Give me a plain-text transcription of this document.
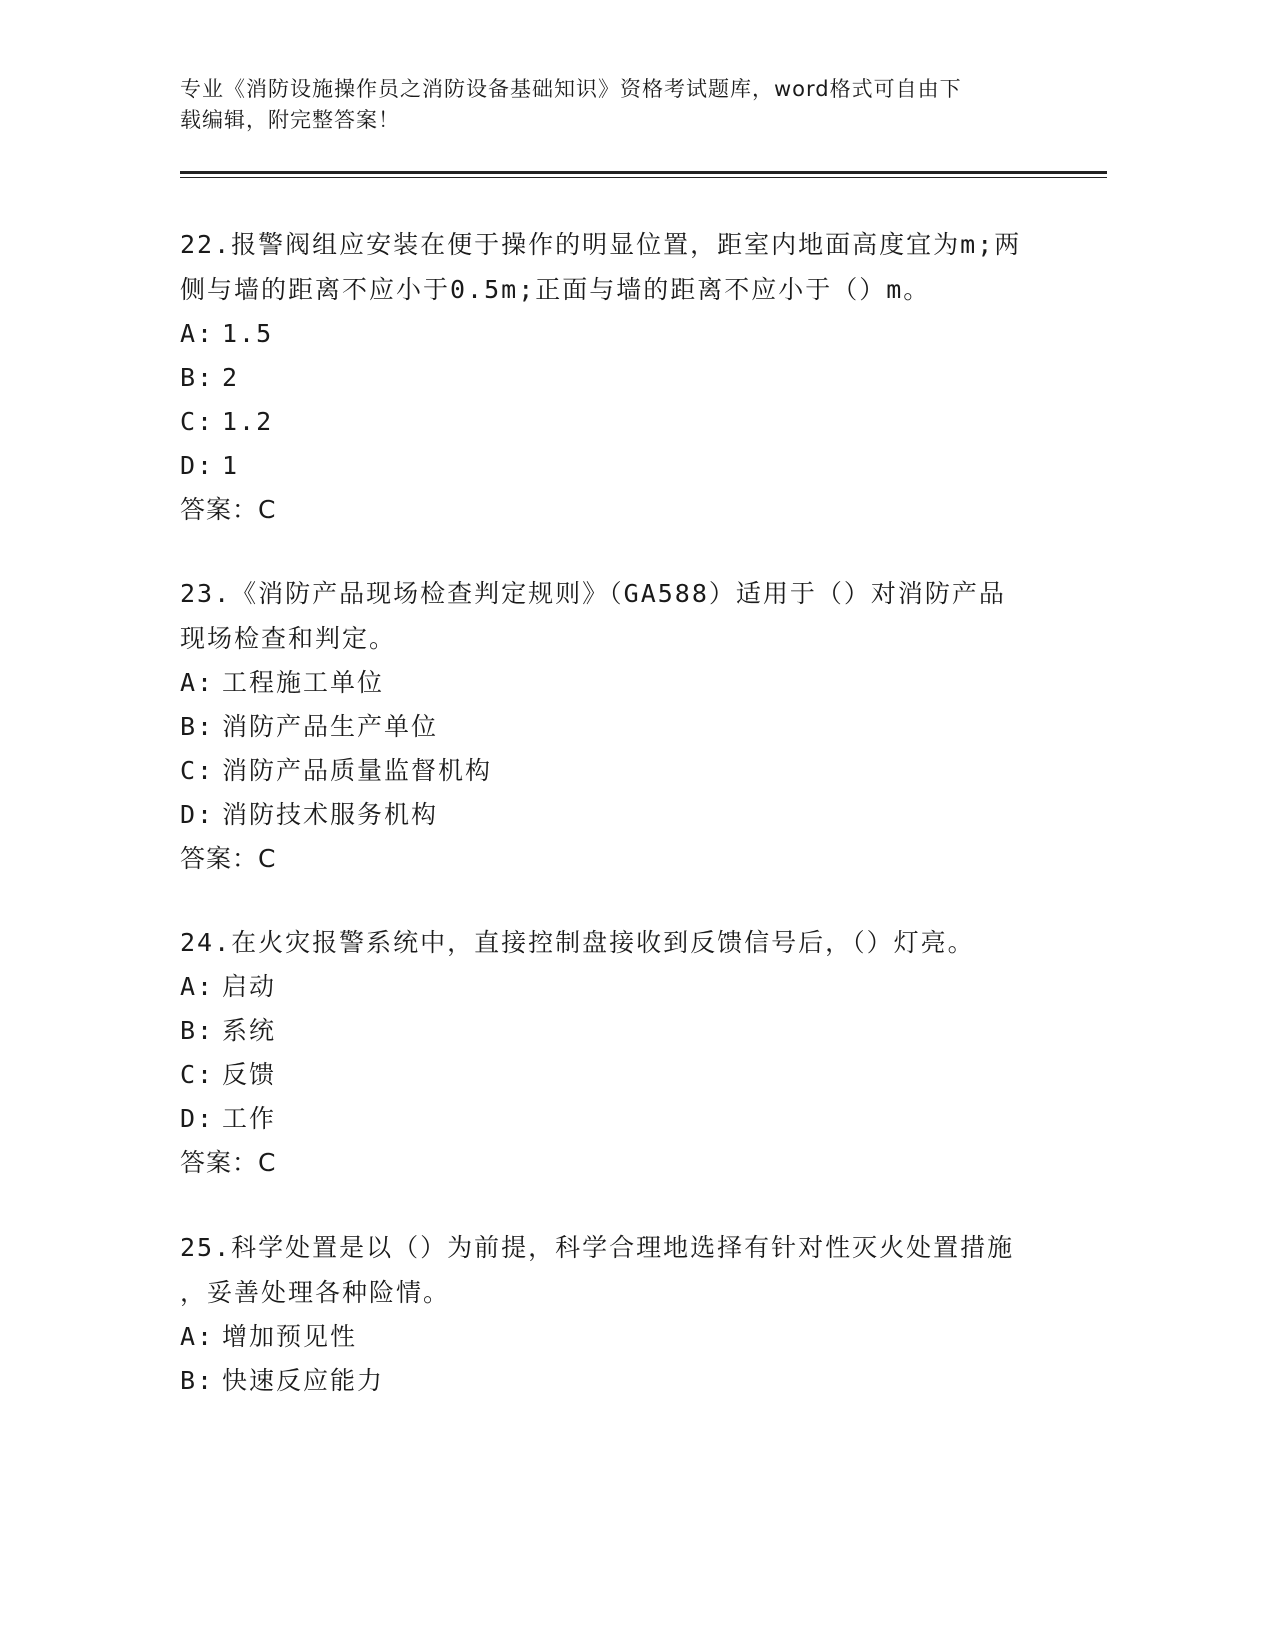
专业《消防设施操作员之消防设备基础知识》资格考试题库，word格式可自由下
载编辑，附完整答案！

22.报警阀组应安装在便于操作的明显位置，距室内地面高度宜为m;两

侧与墙的距离不应小于0.5m;正面与墙的距离不应小于（）m。

A: 1.5

B: 2

C: 1.2

D: 1

答案：C

23.《消防产品现场检查判定规则》（GA588）适用于（）对消防产品

现场检查和判定。

A: 工程施工单位

B: 消防产品生产单位

C: 消防产品质量监督机构

D: 消防技术服务机构

答案：C

24.在火灾报警系统中，直接控制盘接收到反馈信号后，（）灯亮。

A: 启动

B: 系统

C: 反馈

D: 工作

答案：C

25.科学处置是以（）为前提，科学合理地选择有针对性灭火处置措施

，妥善处理各种险情。

A: 增加预见性

B: 快速反应能力
